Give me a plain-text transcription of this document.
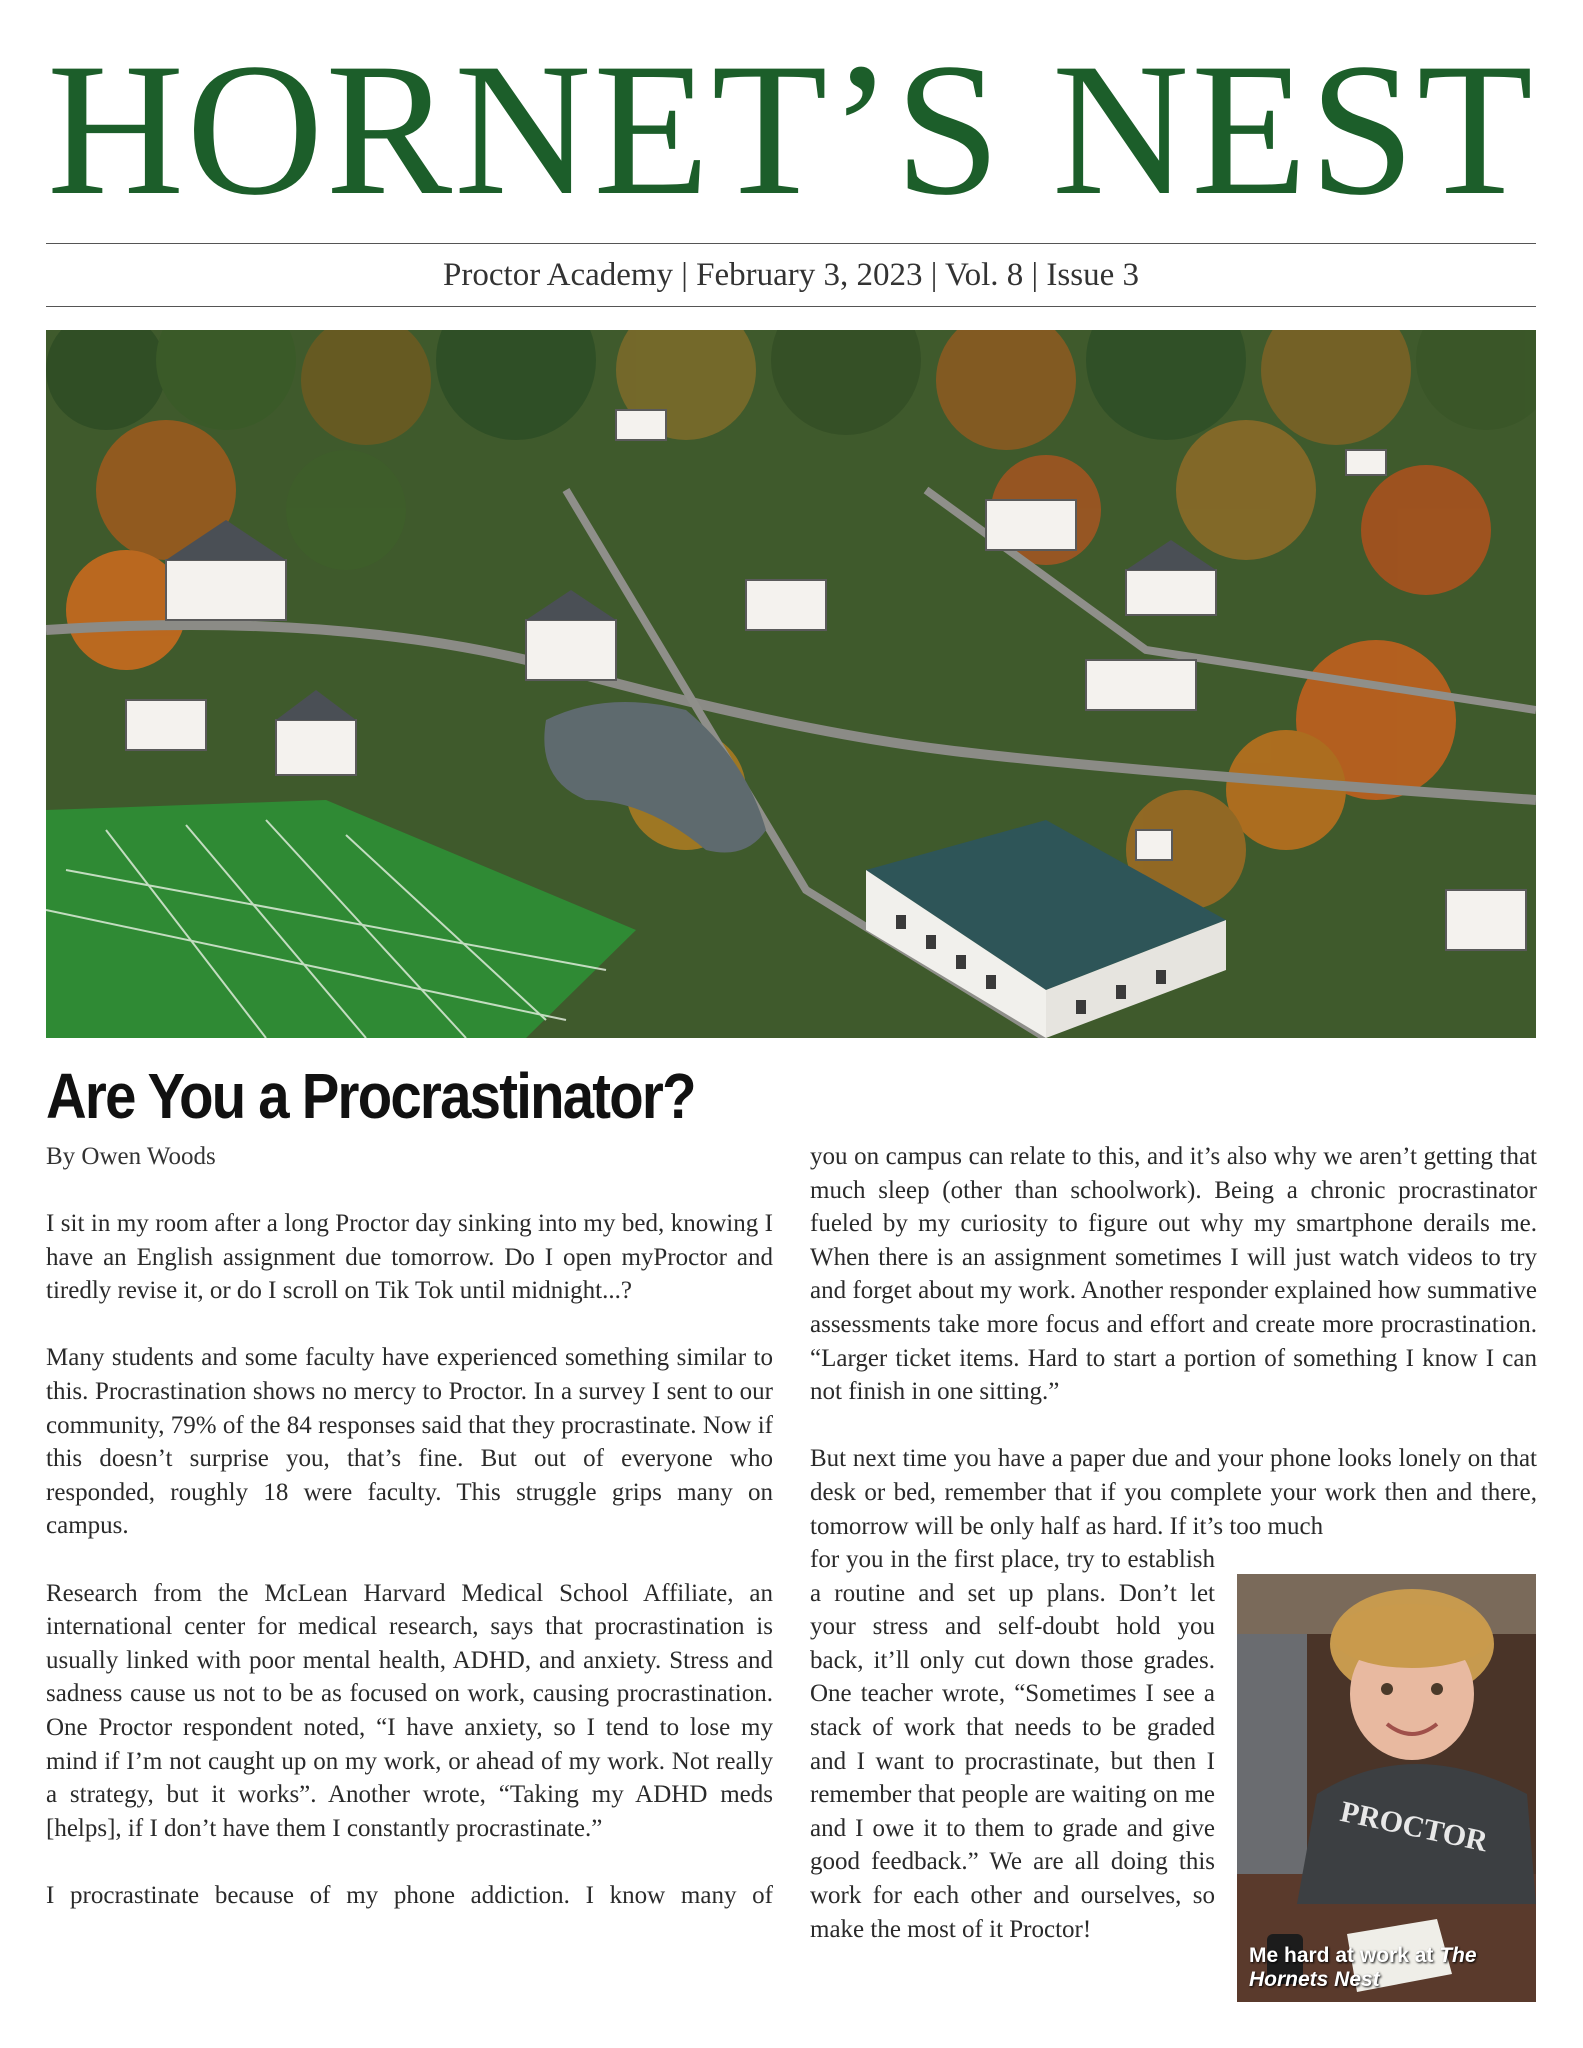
HORNET’S NEST
Proctor Academy | February 3, 2023 | Vol. 8 | Issue 3
Are You a Procrastinator?
By Owen Woods

I sit in my room after a long Proctor day sinking into my bed, knowing I have an English assignment due tomorrow. Do I open myProctor and tiredly revise it, or do I scroll on Tik Tok until midnight...?

Many students and some faculty have experienced something similar to this. Procrastination shows no mercy to Proctor. In a survey I sent to our community, 79% of the 84 responses said that they procrastinate. Now if this doesn’t surprise you, that’s fine. But out of everyone who responded, roughly 18 were faculty. This struggle grips many on campus.

Research from the McLean Harvard Medical School Affiliate, an international center for medical research, says that procrastination is usually linked with poor mental health, ADHD, and anxiety. Stress and sadness cause us not to be as focused on work, causing procrastination. One Proctor respondent noted, “I have anxiety, so I tend to lose my mind if I’m not caught up on my work, or ahead of my work. Not really a strategy, but it works”. Another wrote, “Taking my ADHD meds [helps], if I don’t have them I constantly procrastinate.”

I procrastinate because of my phone addiction. I know many of

you on campus can relate to this, and it’s also why we aren’t getting that much sleep (other than schoolwork). Being a chronic procrastinator fueled by my curiosity to figure out why my smartphone derails me. When there is an assignment sometimes I will just watch videos to try and forget about my work. Another responder explained how summative assessments take more focus and effort and create more procrastination. “Larger ticket items. Hard to start a portion of something I know I can not finish in one sitting.”

But next time you have a paper due and your phone looks lonely on that desk or bed, remember that if you complete your work then and there, tomorrow will be only half as hard. If it’s too much

for you in the first place, try to establish a routine and set up plans. Don’t let your stress and self-doubt hold you back, it’ll only cut down those grades. One teacher wrote, “Sometimes I see a stack of work that needs to be graded and I want to procrastinate, but then I remember that people are waiting on me and I owe it to them to grade and give good feedback.” We are all doing this work for each other and ourselves, so make the most of it Proctor!
PROCTOR
Me hard at work at The Hornets Nest
